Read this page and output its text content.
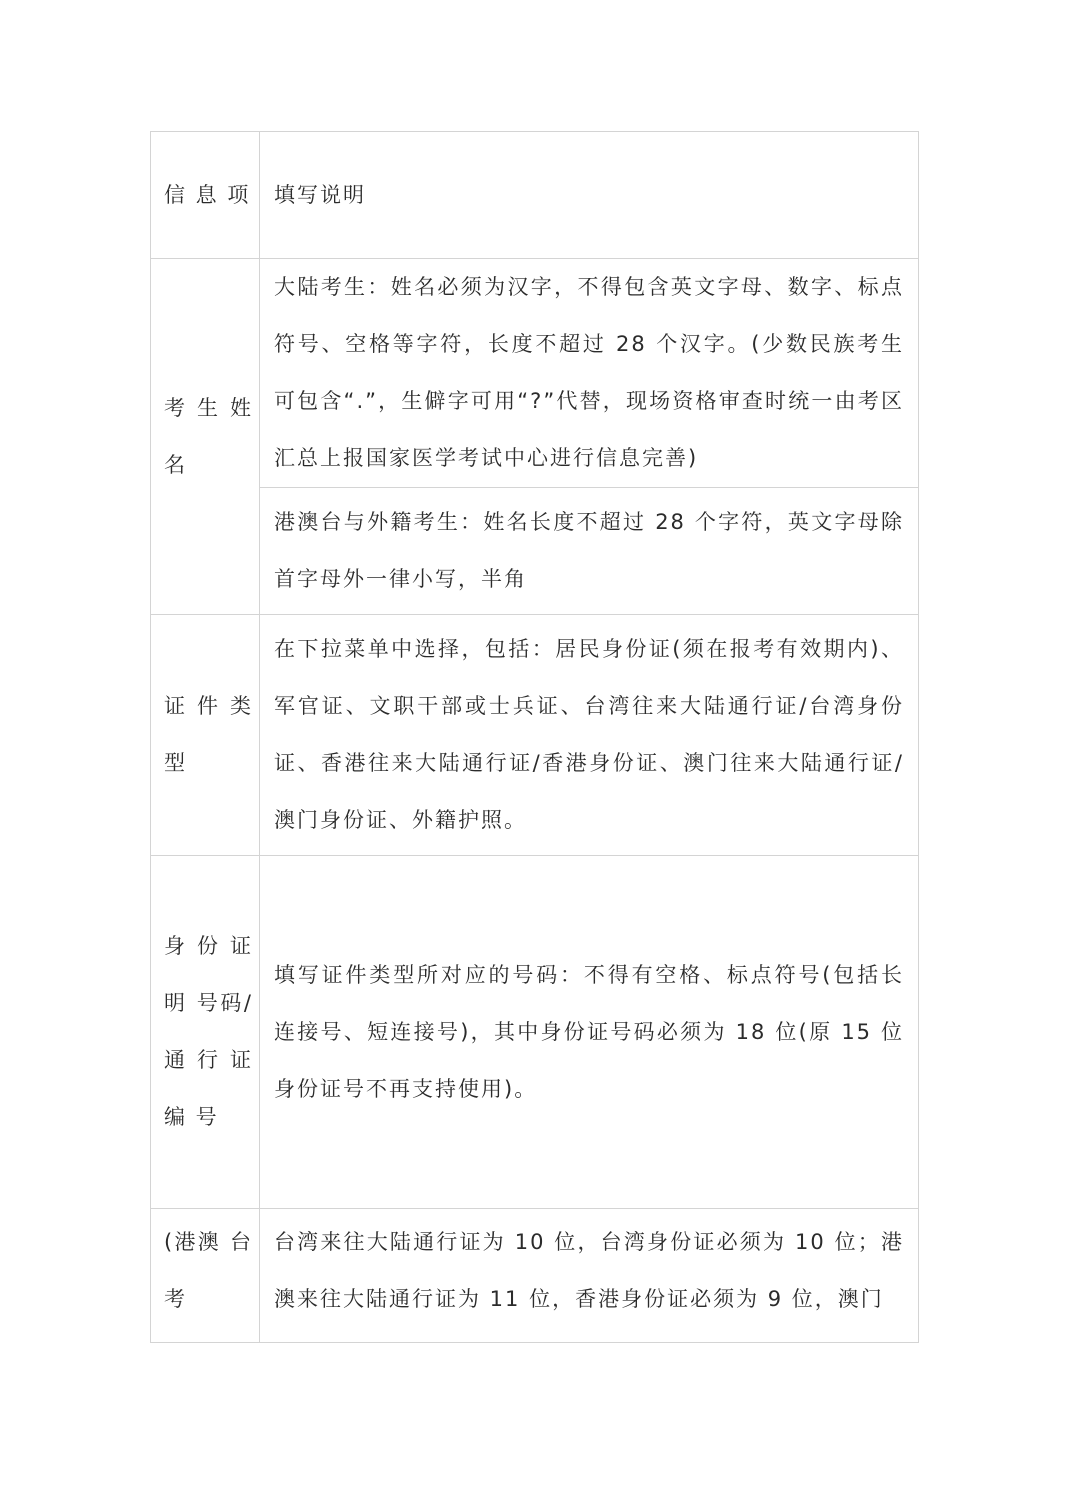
信 息 项	填写说明

考 生 姓名	大陆考生：姓名必须为汉字，不得包含英文字母、数字、标点符号、空格等字符，长度不超过 28 个汉字。(少数民族考生可包含“.”，生僻字可用“?”代替，现场资格审查时统一由考区汇总上报国家医学考试中心进行信息完善)

	港澳台与外籍考生：姓名长度不超过 28 个字符，英文字母除首字母外一律小写，半角

证 件 类型	在下拉菜单中选择，包括：居民身份证(须在报考有效期内)、军官证、文职干部或士兵证、台湾往来大陆通行证/台湾身份证、香港往来大陆通行证/香港身份证、澳门往来大陆通行证/澳门身份证、外籍护照。

身 份 证 明 号码/ 通 行 证 编 号	填写证件类型所对应的号码：不得有空格、标点符号(包括长连接号、短连接号)，其中身份证号码必须为 18 位(原 15 位身份证号不再支持使用)。

(港澳 台 考	台湾来往大陆通行证为 10 位，台湾身份证必须为 10 位；港澳来往大陆通行证为 11 位，香港身份证必须为 9 位，澳门
